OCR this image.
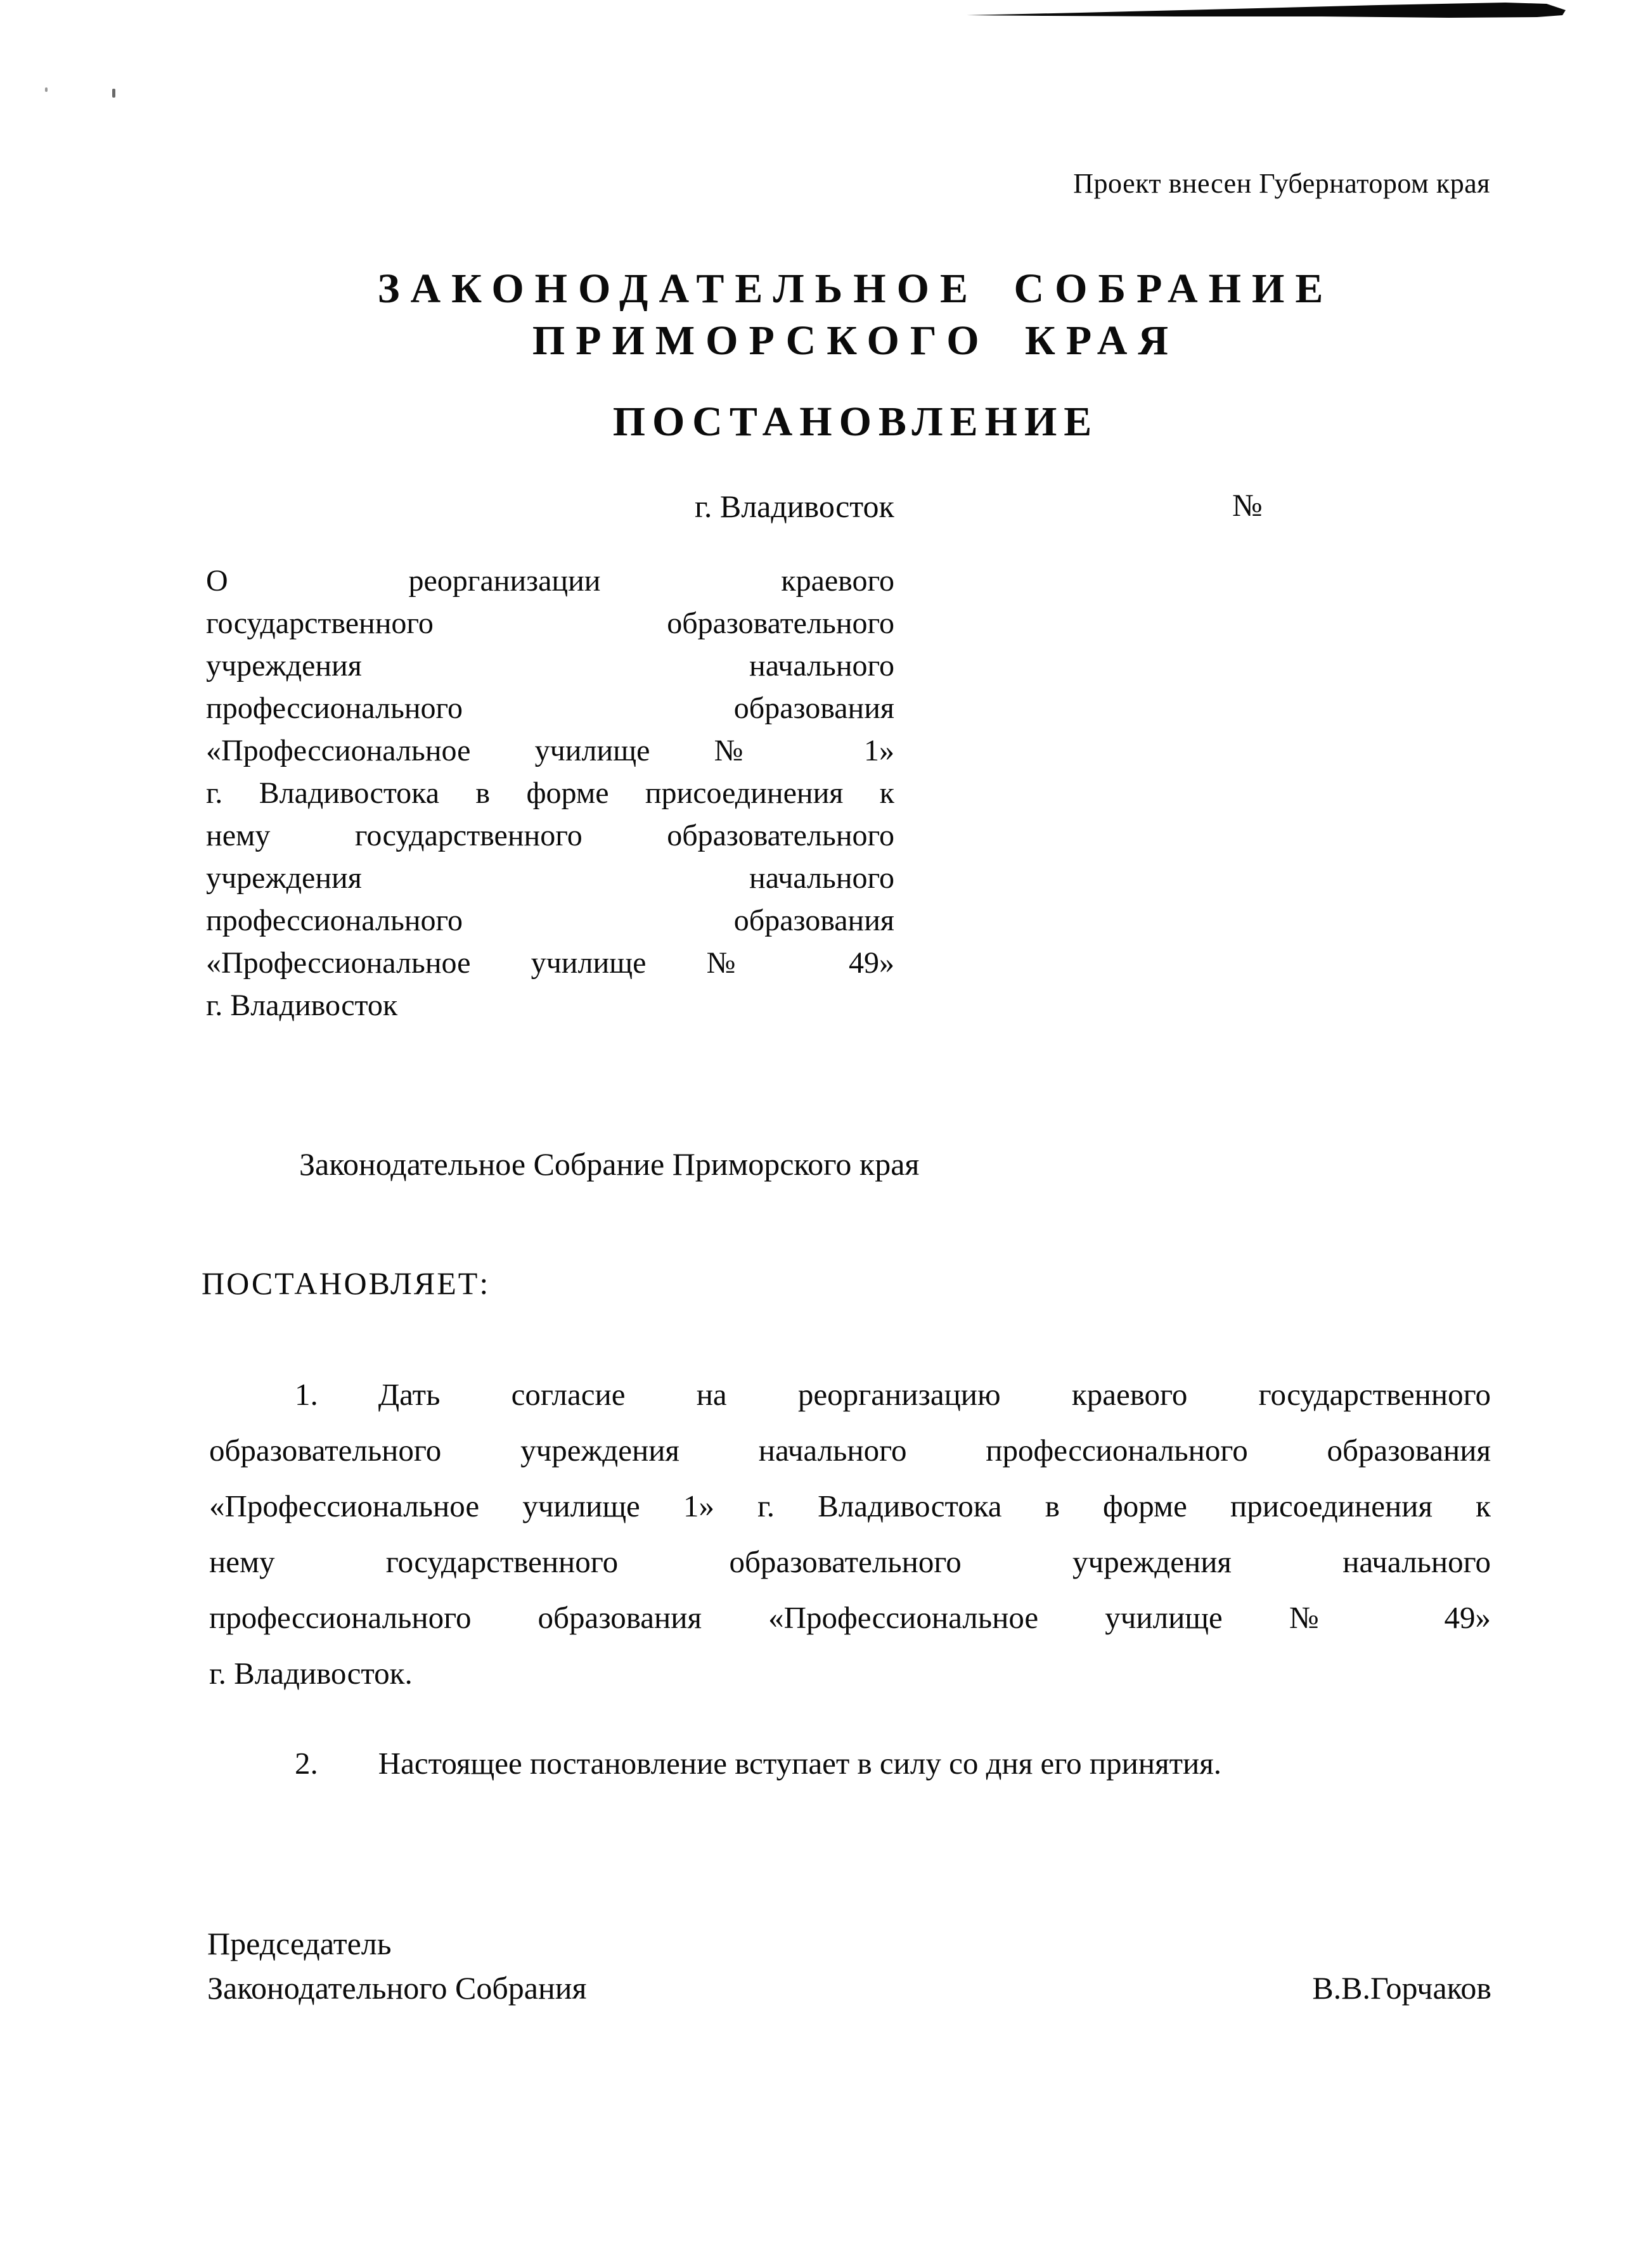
Проект внесен Губернатором края
ЗАКОНОДАТЕЛЬНОЕ СОБРАНИЕ
ПРИМОРСКОГО КРАЯ
ПОСТАНОВЛЕНИЕ
г. Владивосток	№
О реорганизации краевого
государственного образовательного
учреждения начального
профессионального образования
«Профессиональное училище № 1»
г. Владивостока в форме присоединения к
нему государственного образовательного
учреждения начального
профессионального образования
«Профессиональное училище № 49»
г. Владивосток
Законодательное Собрание Приморского края
ПОСТАНОВЛЯЕТ:
1. Дать согласие на реорганизацию краевого государственного
образовательного учреждения начального профессионального образования
«Профессиональное училище 1» г. Владивостока в форме присоединения к
нему государственного образовательного учреждения начального
профессионального образования «Профессиональное училище № 49»
г. Владивосток.
2. Настоящее постановление вступает в силу со дня его принятия.
Председатель
Законодательного Собрания	В.В.Горчаков
